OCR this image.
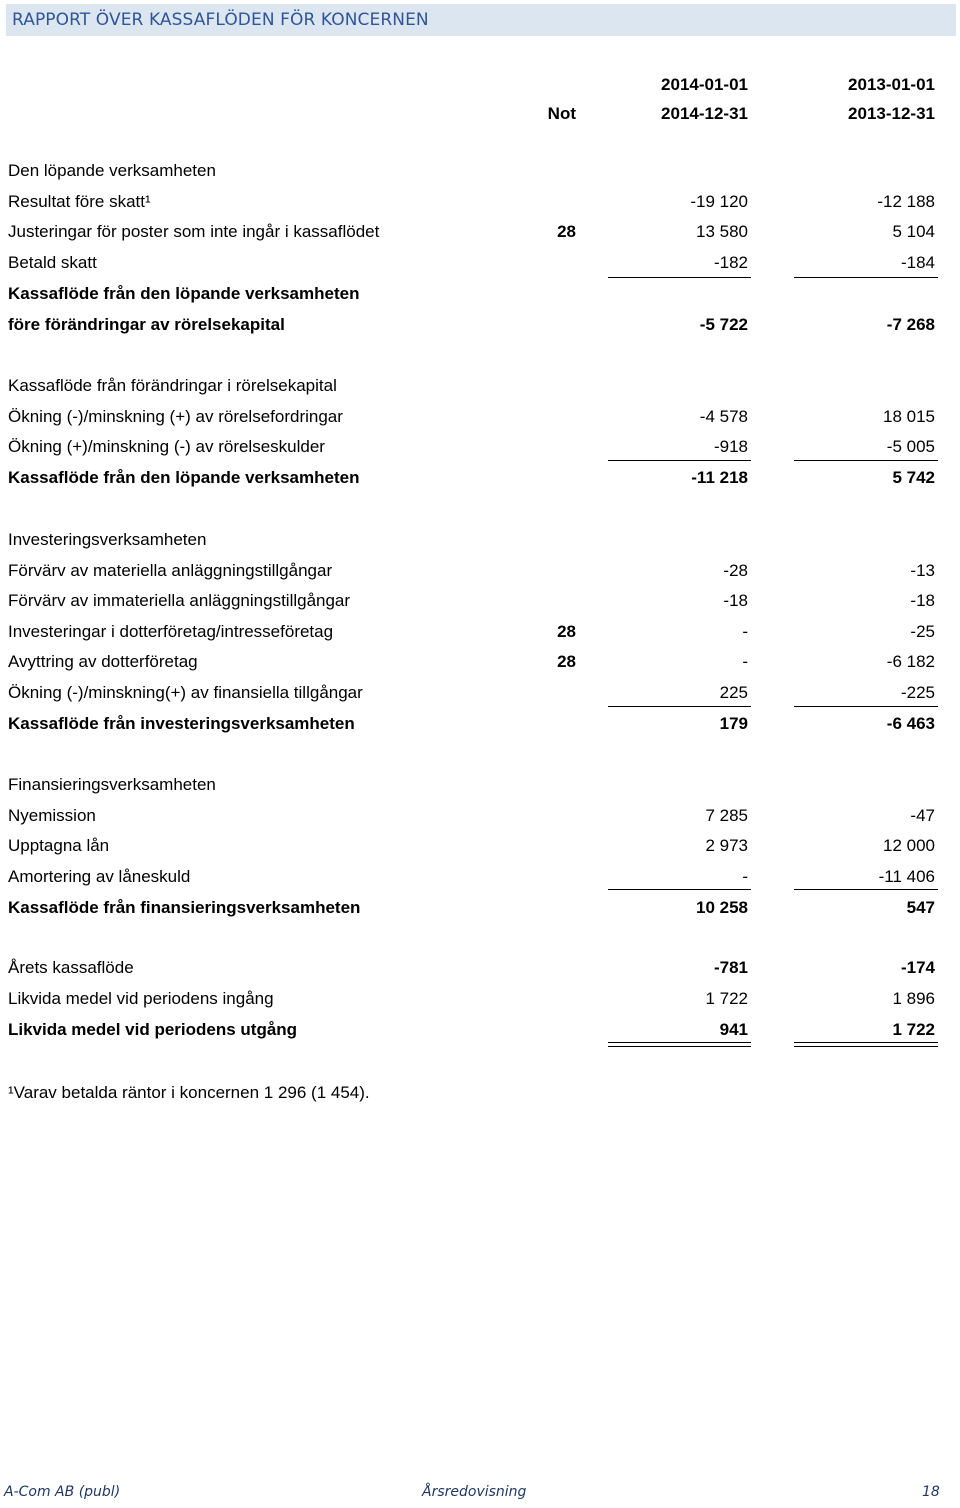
RAPPORT ÖVER KASSAFLÖDEN FÖR KONCERNEN
2014-01-01	2013-01-01
Not	2014-12-31	2013-12-31
Den löpande verksamheten
Resultat före skatt¹	-19 120	-12 188
Justeringar för poster som inte ingår i kassaflödet	28	13 580	5 104
Betald skatt	-182	-184
Kassaflöde från den löpande verksamheten
före förändringar av rörelsekapital	-5 722	-7 268
Kassaflöde från förändringar i rörelsekapital
Ökning (-)/minskning (+) av rörelsefordringar	-4 578	18 015
Ökning (+)/minskning (-) av rörelseskulder	-918	-5 005
Kassaflöde från den löpande verksamheten	-11 218	5 742
Investeringsverksamheten
Förvärv av materiella anläggningstillgångar	-28	-13
Förvärv av immateriella anläggningstillgångar	-18	-18
Investeringar i dotterföretag/intresseföretag	28	-	-25
Avyttring av dotterföretag	28	-	-6 182
Ökning (-)/minskning(+) av finansiella tillgångar	225	-225
Kassaflöde från investeringsverksamheten	179	-6 463
Finansieringsverksamheten
Nyemission	7 285	-47
Upptagna lån	2 973	12 000
Amortering av låneskuld	-	-11 406
Kassaflöde från finansieringsverksamheten	10 258	547
Årets kassaflöde	-781	-174
Likvida medel vid periodens ingång	1 722	1 896
Likvida medel vid periodens utgång	941	1 722
¹Varav betalda räntor i koncernen 1 296 (1 454).
A-Com AB (publ)	Årsredovisning	18
